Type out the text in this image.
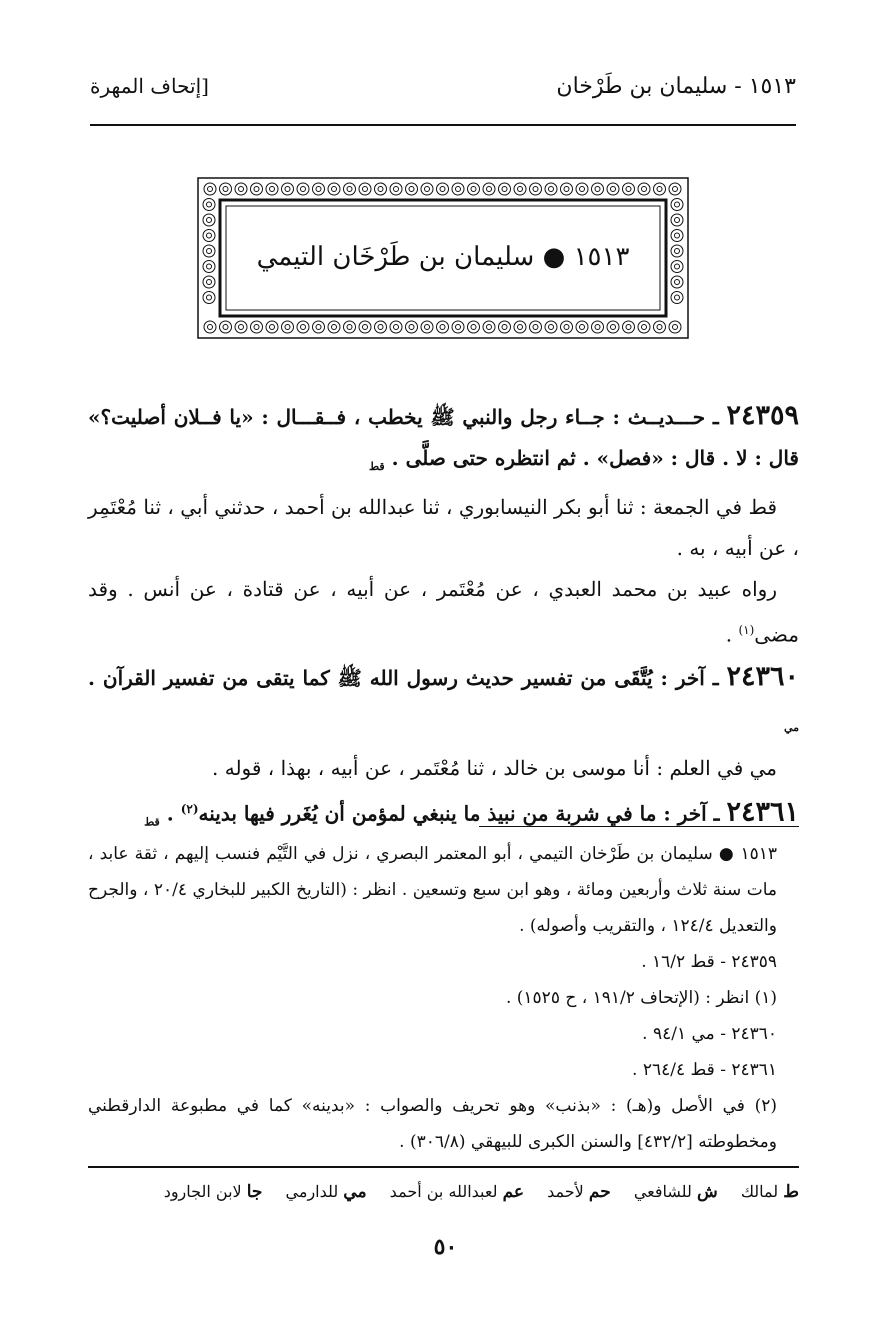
١٥١٣ - سليمان بن طَرْخان
[إتحاف المهرة
١٥١٣ ● سليمان بن طَرْخَان التيمي

٢٤٣٥٩ ـ حـــديــث : جــاء رجل والنبي ﷺ يخطب ، فــقـــال : «يا فــلان أصليت؟» قال : لا . قال : «فصل» . ثم انتظره حتى صلَّى . $_{قط}$

قط في الجمعة : ثنا أبو بكر النيسابوري ، ثنا عبدالله بن أحمد ، حدثني أبي ، ثنا مُعْتَمِر ، عن أبيه ، به .

رواه عبيد بن محمد العبدي ، عن مُعْتَمر ، عن أبيه ، عن قتادة ، عن أنس . وقد مضى$^{(١)}$ .

٢٤٣٦٠ ـ آخر : يُتَّقَى من تفسير حديث رسول الله ﷺ كما يتقى من تفسير القرآن . $_{مي}$

مي في العلم : أنا موسى بن خالد ، ثنا مُعْتَمر ، عن أبيه ، بهذا ، قوله .

٢٤٣٦١ ـ آخر : ما في شربة من نبيذ ما ينبغي لمؤمن أن يُغَرر فيها بدينه$^{(٢)}$ . $_{قط}$

١٥١٣ ● سليمان بن طَرْخان التيمي ، أبو المعتمر البصري ، نزل في التَّيْم فنسب إليهم ، ثقة عابد ، مات سنة ثلاث وأربعين ومائة ، وهو ابن سبع وتسعين . انظر : (التاريخ الكبير للبخاري ٢٠/٤ ، والجرح والتعديل ١٢٤/٤ ، والتقريب وأصوله) .
٢٤٣٥٩ - قط ١٦/٢ .
(١) انظر : (الإتحاف ١٩١/٢ ، ح ١٥٢٥) .
٢٤٣٦٠ - مي ٩٤/١ .
٢٤٣٦١ - قط ٢٦٤/٤ .
(٢) في الأصل و(هـ) : «بذنب» وهو تحريف والصواب : «بدينه» كما في مطبوعة الدارقطني ومخطوطته [٤٣٢/٢] والسنن الكبرى للبيهقي (٣٠٦/٨) .
ط لمالك ش للشافعي حم لأحمد عم لعبدالله بن أحمد مي للدارمي جا لابن الجارود
٥٠
